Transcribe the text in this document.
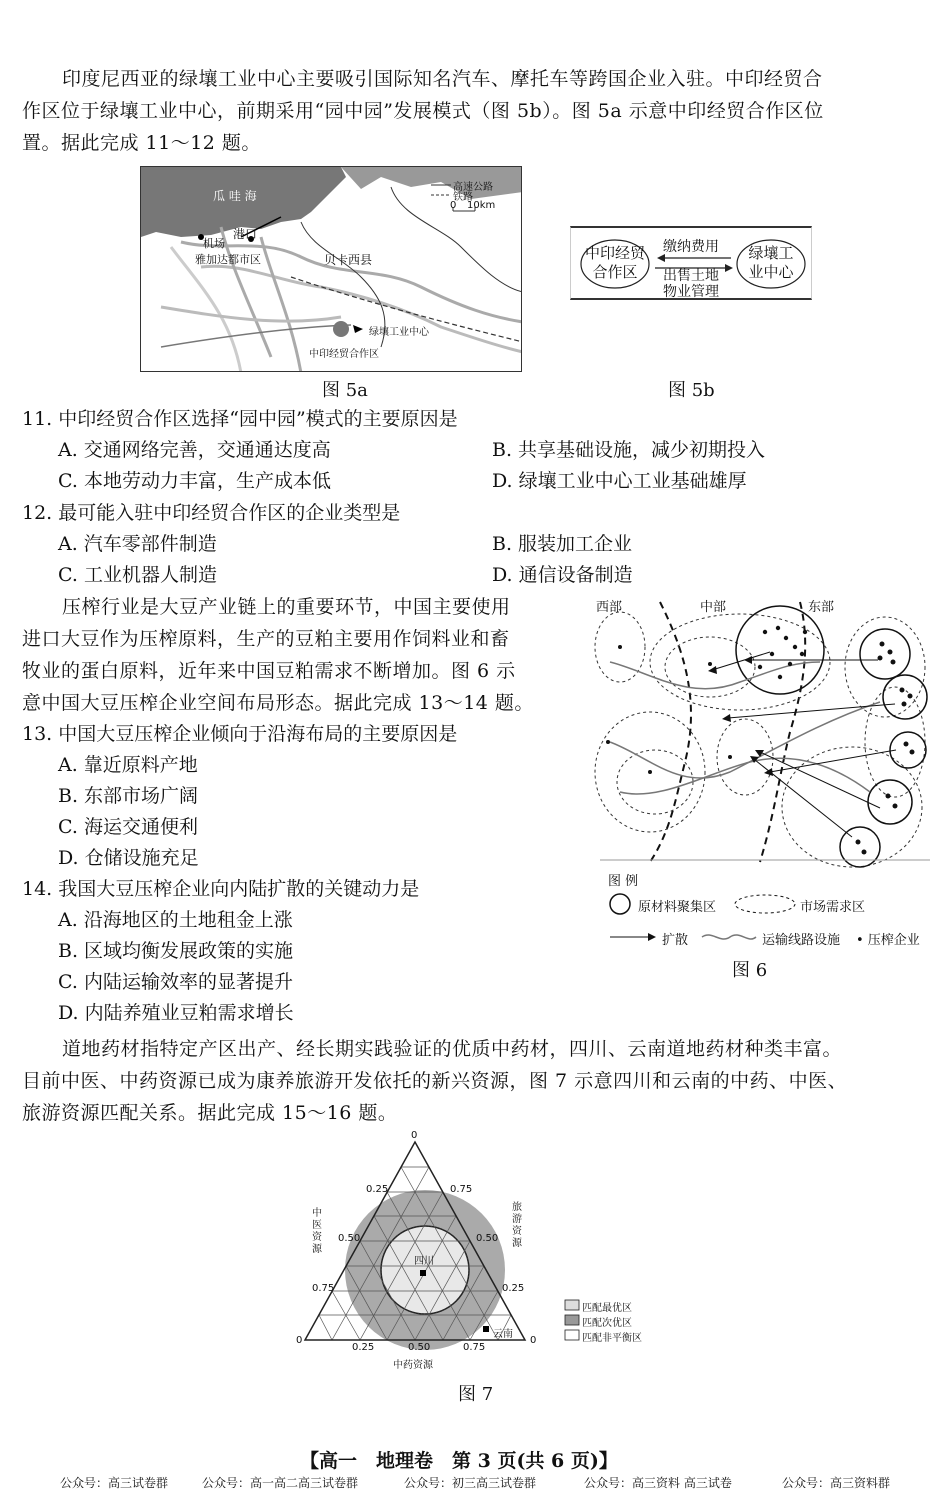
印度尼西亚的绿壤工业中心主要吸引国际知名汽车、摩托车等跨国企业入驻。中印经贸合
作区位于绿壤工业中心，前期采用“园中园”发展模式（图 5b）。图 5a 示意中印经贸合作区位
置。据此完成 11～12 题。
瓜 哇 海
高速公路
铁路
0 10km
港口
机场
雅加达都市区	贝卡西县
绿壤工业中心
中印经贸合作区
图 5a
中印经贸
合作区
绿壤工
业中心
缴纳费用
出售土地
物业管理
图 5b
11. 中印经贸合作区选择“园中园”模式的主要原因是
A. 交通网络完善，交通通达度高	B. 共享基础设施，减少初期投入
C. 本地劳动力丰富，生产成本低	D. 绿壤工业中心工业基础雄厚
12. 最可能入驻中印经贸合作区的企业类型是
A. 汽车零部件制造	B. 服装加工企业
C. 工业机器人制造	D. 通信设备制造
压榨行业是大豆产业链上的重要环节，中国主要使用
进口大豆作为压榨原料，生产的豆粕主要用作饲料业和畜
牧业的蛋白原料，近年来中国豆粕需求不断增加。图 6 示
意中国大豆压榨企业空间布局形态。据此完成 13～14 题。
西部	中部	东部
图 例
原材料聚集区	市场需求区
扩散	运输线路设施 • 压榨企业
图 6
13. 中国大豆压榨企业倾向于沿海布局的主要原因是
A. 靠近原料产地
B. 东部市场广阔
C. 海运交通便利
D. 仓储设施充足
14. 我国大豆压榨企业向内陆扩散的关键动力是
A. 沿海地区的土地租金上涨
B. 区域均衡发展政策的实施
C. 内陆运输效率的显著提升
D. 内陆养殖业豆粕需求增长
道地药材指特定产区出产、经长期实践验证的优质中药材，四川、云南道地药材种类丰富。
目前中医、中药资源已成为康养旅游开发依托的新兴资源，图 7 示意四川和云南的中药、中医、
旅游资源匹配关系。据此完成 15～16 题。
0
0.25
0.50
0.75
0.75
0.50
0.25
0.25	0.50	0.75
0	0
中医资源
旅游资源
中药资源
四川
云南
匹配最优区
匹配次优区
匹配非平衡区
图 7
【高一　地理卷　第 3 页(共 6 页)】
公众号：高三试卷群	公众号：高一高二高三试卷群	公众号：初三高三试卷群	公众号：高三资料 高三试卷	公众号：高三资料群
